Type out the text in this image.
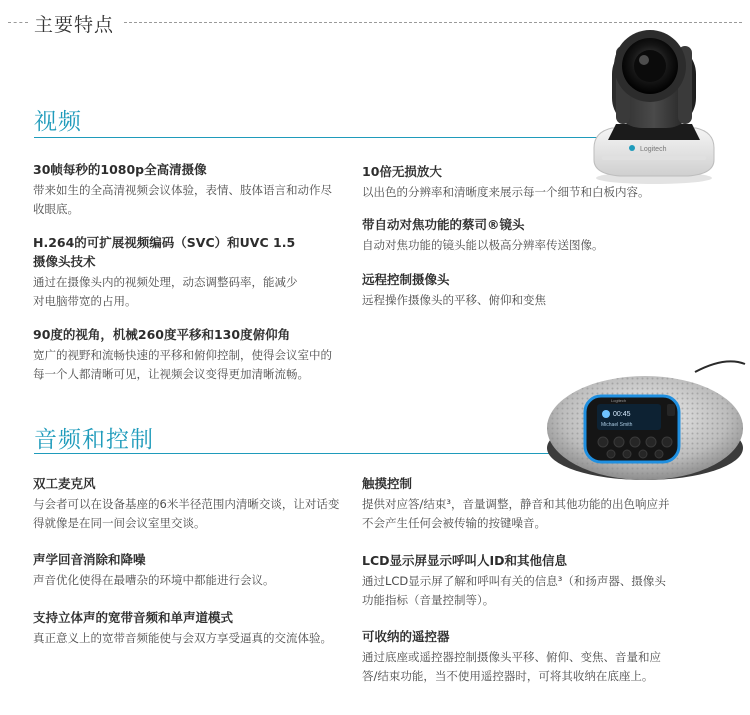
主要特点
视频
30帧每秒的1080p全高清摄像
带来如生的全高清视频会议体验，表情、肢体语言和动作尽收眼底。
H.264的可扩展视频编码（SVC）和UVC 1.5摄像头技术
通过在摄像头内的视频处理，动态调整码率，能减少对电脑带宽的占用。
90度的视角，机械260度平移和130度俯仰角
宽广的视野和流畅快速的平移和俯仰控制，使得会议室中的每一个人都清晰可见，让视频会议变得更加清晰流畅。
10倍无损放大
以出色的分辨率和清晰度来展示每一个细节和白板内容。
带自动对焦功能的蔡司®镜头
自动对焦功能的镜头能以极高分辨率传送图像。
远程控制摄像头
远程操作摄像头的平移、俯仰和变焦
音频和控制
双工麦克风
与会者可以在设备基座的6米半径范围内清晰交谈，让对话变得就像是在同一间会议室里交谈。
声学回音消除和降噪
声音优化使得在最嘈杂的环境中都能进行会议。
支持立体声的宽带音频和单声道模式
真正意义上的宽带音频能使与会双方享受逼真的交流体验。
触摸控制
提供对应答/结束³，音量调整，静音和其他功能的出色响应并不会产生任何会被传输的按键噪音。
LCD显示屏显示呼叫人ID和其他信息
通过LCD显示屏了解和呼叫有关的信息³（和扬声器、摄像头功能指标（音量控制等）。
可收纳的遥控器
通过底座或遥控器控制摄像头平移、俯仰、变焦、音量和应答/结束功能，当不使用遥控器时，可将其收纳在底座上。
Logitech
00:45
Michael Smith
Logitech
